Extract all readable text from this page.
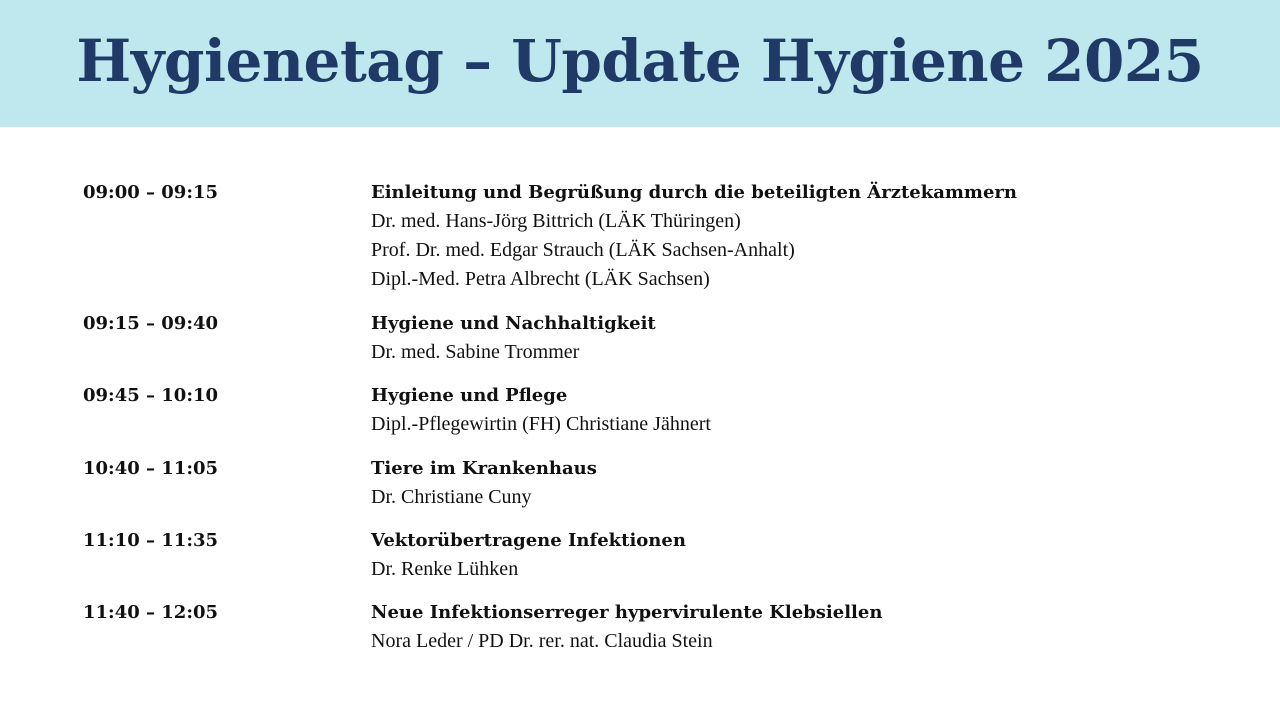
Hygienetag – Update Hygiene 2025
09:00 – 09:15	Einleitung und Begrüßung durch die beteiligten Ärztekammern
Dr. med. Hans-Jörg Bittrich (LÄK Thüringen)
Prof. Dr. med. Edgar Strauch (LÄK Sachsen-Anhalt)
Dipl.-Med. Petra Albrecht (LÄK Sachsen)
09:15 – 09:40	Hygiene und Nachhaltigkeit
Dr. med. Sabine Trommer
09:45 – 10:10	Hygiene und Pflege
Dipl.-Pflegewirtin (FH) Christiane Jähnert
10:40 – 11:05	Tiere im Krankenhaus
Dr. Christiane Cuny
11:10 – 11:35	Vektorübertragene Infektionen
Dr. Renke Lühken
11:40 – 12:05	Neue Infektionserreger hypervirulente Klebsiellen
Nora Leder / PD Dr. rer. nat. Claudia Stein
